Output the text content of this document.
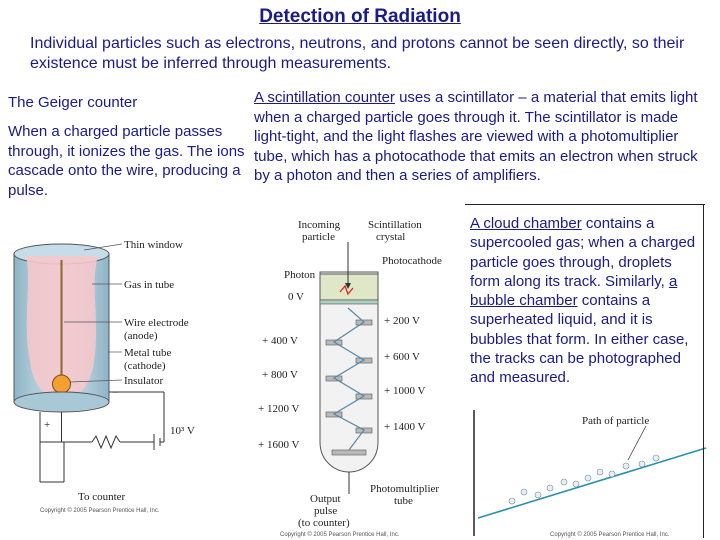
Detection of Radiation
Individual particles such as electrons, neutrons, and protons cannot be seen directly, so their existence must be inferred through measurements.
The Geiger counter
When a charged particle passes through, it ionizes the gas. The ions cascade onto the wire, producing a pulse.
A scintillation counter uses a scintillator – a material that emits light when a charged particle goes through it. The scintillator is made light-tight, and the light flashes are viewed with a photomultiplier tube, which has a photocathode that emits an electron when struck by a photon and then a series of amplifiers.
A cloud chamber contains a supercooled gas; when a charged particle goes through, droplets form along its track. Similarly, a bubble chamber contains a superheated liquid, and it is bubbles that form. In either case, the tracks can be photographed and measured.
Thin window
Gas in tube
Wire electrode
(anode)
Metal tube
(cathode)
Insulator
+
−
10³ V
To counter
Copyright © 2005 Pearson Prentice Hall, Inc.
Incoming
particle
Scintillation
crystal
Photocathode
Photon
0 V
+ 200 V
+ 400 V
+ 600 V
+ 800 V
+ 1000 V
+ 1200 V
+ 1400 V
+ 1600 V
Output
pulse
(to counter)
Photomultiplier
tube
Copyright © 2005 Pearson Prentice Hall, Inc.
Path of particle
Copyright © 2005 Pearson Prentice Hall, Inc.
